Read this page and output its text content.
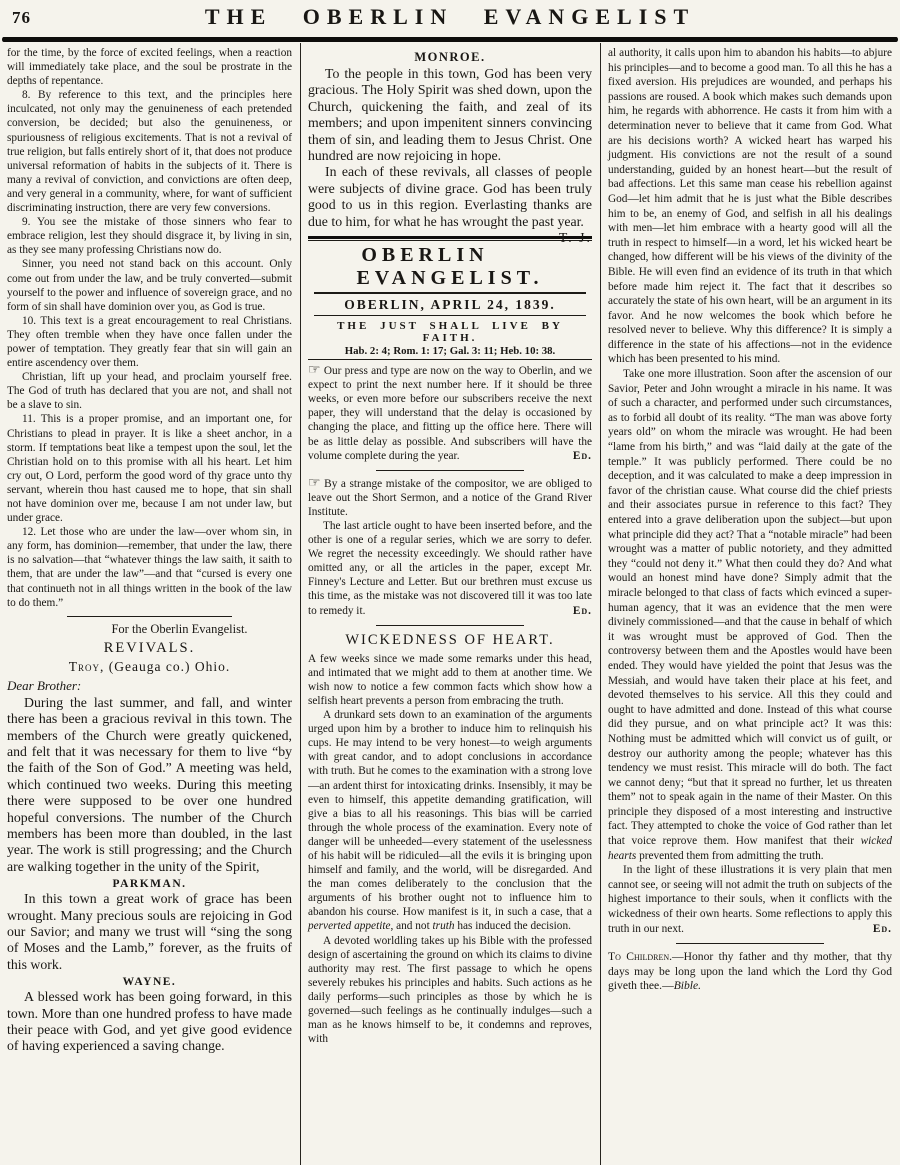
76	THE OBERLIN EVANGELIST

for the time, by the force of excited feelings, when a reaction will immediately take place, and the soul be prostrate in the depths of repentance.

8. By reference to this text, and the principles here inculcated, not only may the genuineness of each pretended conversion, be decided; but also the genuineness, or spuriousness of religious excitements. That is not a revival of true religion, but falls entirely short of it, that does not produce universal reformation of habits in the subjects of it. There is many a revival of conviction, and convictions are often deep, and very general in a community, where, for want of sufficient discriminating instruction, there are very few conversions.

9. You see the mistake of those sinners who fear to embrace religion, lest they should disgrace it, by living in sin, as they see many professing Christians now do.

Sinner, you need not stand back on this account. Only come out from under the law, and be truly converted—submit yourself to the power and influence of sovereign grace, and no form of sin shall have dominion over you, as God is true.

10. This text is a great encouragement to real Christians. They often tremble when they have once fallen under the power of temptation. They greatly fear that sin will gain an entire ascendency over them.

Christian, lift up your head, and proclaim yourself free. The God of truth has declared that you are not, and shall not be a slave to sin.

11. This is a proper promise, and an important one, for Christians to plead in prayer. It is like a sheet anchor, in a storm. If temptations beat like a tempest upon the soul, let the Christian hold on to this promise with all his heart. Let him cry out, O Lord, perform the good word of thy grace unto thy servant, wherein thou hast caused me to hope, that sin shall not have dominion over me, because I am not under law, but under grace.

12. Let those who are under the law—over whom sin, in any form, has dominion—remember, that under the law, there is no salvation—that “whatever things the law saith, it saith to them, that are under the law”—and that “cursed is every one that continueth not in all things written in the book of the law to do them.”

For the Oberlin Evangelist.
REVIVALS.
Troy, (Geauga co.) Ohio.
Dear Brother:

During the last summer, and fall, and winter there has been a gracious revival in this town. The members of the Church were greatly quickened, and felt that it was necessary for them to live “by the faith of the Son of God.” A meeting was held, which continued two weeks. During this meeting there were supposed to be over one hundred hopeful conversions. The number of the Church members has been more than doubled, in the last year. The work is still progressing; and the Church are walking together in the unity of the Spirit,

PARKMAN.

In this town a great work of grace has been wrought. Many precious souls are rejoicing in God our Savior; and many we trust will “sing the song of Moses and the Lamb,” forever, as the fruits of this work.

WAYNE.

A blessed work has been going forward, in this town. More than one hundred profess to have made their peace with God, and yet give good evidence of having experienced a saving change.

MONROE.

To the people in this town, God has been very gracious. The Holy Spirit was shed down, upon the Church, quickening the faith, and zeal of its members; and upon impenitent sinners convincing them of sin, and leading them to Jesus Christ. One hundred are now rejoicing in hope.

In each of these revivals, all classes of people were subjects of divine grace. God has been truly good to us in this region. Everlasting thanks are due to him, for what he has wrought the past year.
T. J.

OBERLIN EVANGELIST.
OBERLIN, APRIL 24, 1839.
THE JUST SHALL LIVE BY FAITH.
Hab. 2: 4; Rom. 1: 17; Gal. 3: 11; Heb. 10: 38.

☞ Our press and type are now on the way to Oberlin, and we expect to print the next number here. If it should be three weeks, or even more before our subscribers receive the next paper, they will understand that the delay is occasioned by changing the place, and fitting up the office here. There will be as little delay as possible. And subscribers will have the volume complete during the year.	Ed.

☞ By a strange mistake of the compositor, we are obliged to leave out the Short Sermon, and a notice of the Grand River Institute.

The last article ought to have been inserted before, and the other is one of a regular series, which we are sorry to defer. We regret the necessity exceedingly. We should rather have omitted any, or all the articles in the paper, except Mr. Finney's Lecture and Letter. But our brethren must excuse us this time, as the mistake was not discovered till it was too late to remedy it.	Ed.

WICKEDNESS OF HEART.

A few weeks since we made some remarks under this head, and intimated that we might add to them at another time. We wish now to notice a few common facts which show how a selfish heart prevents a person from embracing the truth.

A drunkard sets down to an examination of the arguments urged upon him by a brother to induce him to relinquish his cups. He may intend to be very honest—to weigh arguments with great candor, and to adopt conclusions in accordance with truth. But he comes to the examination with a strong love—an ardent thirst for intoxicating drinks. Insensibly, it may be even to himself, this appetite demanding gratification, will give a bias to all his reasonings. This bias will be carried through the whole process of the examination. Every note of danger will be unheeded—every statement of the uselessness of his habit will be ridiculed—all the evils it is bringing upon himself and family, and the world, will be disregarded. And the man comes deliberately to the conclusion that the arguments of his brother ought not to influence him to abandon his course. How manifest is it, in such a case, that a perverted appetite, and not truth has induced the decision.

A devoted worldling takes up his Bible with the professed design of ascertaining the ground on which its claims to divine authority may rest. The first passage to which he opens severely rebukes his principles and habits. Such actions as he daily performs—such principles as those by which he is governed—such feelings as he continually indulges—such a man as he knows himself to be, it condemns and reproves, with

al authority, it calls upon him to abandon his habits—to abjure his principles—and to become a good man. To all this he has a fixed aversion. His prejudices are wounded, and perhaps his passions are roused. A book which makes such demands upon him, he regards with abhorrence. He casts it from him with a determination never to believe that it came from God. What are his decisions worth? A wicked heart has warped his judgment. His convictions are not the result of a sound understanding, guided by an honest heart—but the result of bad affections. Let this same man cease his rebellion against God—let him admit that he is just what the Bible describes him to be, an enemy of God, and selfish in all his dealings with men—let him embrace with a hearty good will all the truth in respect to himself—in a word, let his wicked heart be changed, how different will be his views of the divinity of the Bible. He will even find an evidence of its truth in that which before made him reject it. The fact that it describes so accurately the state of his own heart, will be an argument in its favor. And he now welcomes the book which before he resolved never to believe. Why this difference? It is simply a difference in the state of his affections—not in the evidence which has been presented to his mind.

Take one more illustration. Soon after the ascension of our Savior, Peter and John wrought a miracle in his name. It was of such a character, and performed under such circumstances, as to forbid all doubt of its reality. “The man was above forty years old” on whom the miracle was wrought. He had been “lame from his birth,” and was “laid daily at the gate of the temple.” It was publicly performed. There could be no deception, and it was calculated to make a deep impression in favor of the christian cause. What course did the chief priests and their associates pursue in reference to this fact? They entered into a grave deliberation upon the subject—but upon what principle did they act? That a “notable miracle” had been wrought was a matter of public notoriety, and they admitted they “could not deny it.” What then could they do? And what would an honest mind have done? Simply admit that the miracle belonged to that class of facts which evinced a super-human agency, that it was an evidence that the men were divinely commissioned—and that the cause in behalf of which it was wrought must be approved of God. Then the controversy between them and the Apostles would have been ended. They would have yielded the point that Jesus was the Messiah, and would have taken their place at his feet, and devoted themselves to his service. All this they could and ought to have admitted and done. Instead of this what course did they pursue, and on what principle act? It was this: Nothing must be admitted which will convict us of guilt, or destroy our authority among the people; whatever has this tendency we must resist. This miracle will do both. The fact we cannot deny; “but that it spread no further, let us threaten them” not to speak again in the name of their Master. On this principle they disposed of a most interesting and instructive fact. They attempted to choke the voice of God rather than let that voice reprove them. How manifest that their wicked hearts prevented them from admitting the truth.

In the light of these illustrations it is very plain that men cannot see, or seeing will not admit the truth on subjects of the highest importance to their souls, when it conflicts with the wickedness of their own hearts. Some reflections to apply this truth in our next.	Ed.

To Children.—Honor thy father and thy mother, that thy days may be long upon the land which the Lord thy God giveth thee.—Bible.
